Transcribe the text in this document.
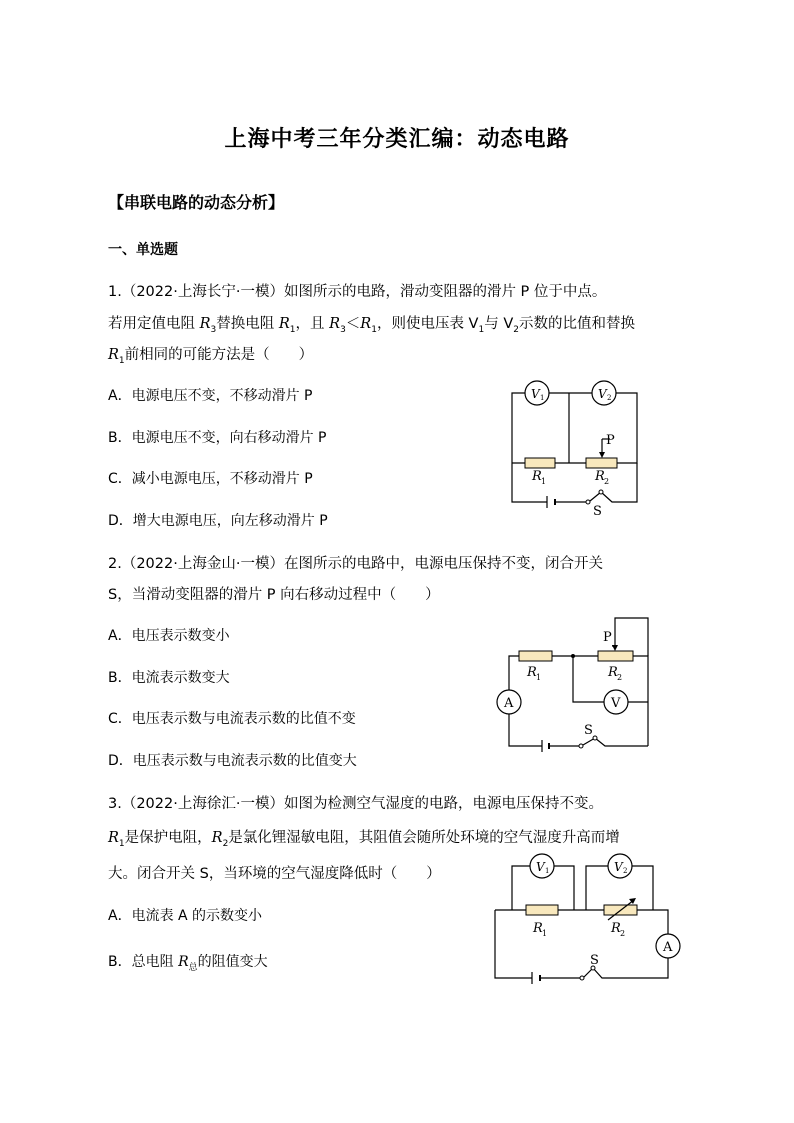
上海中考三年分类汇编：动态电路
【串联电路的动态分析】
一、单选题
1.（2022·上海长宁·一模）如图所示的电路，滑动变阻器的滑片 P 位于中点。
若用定值电阻 $R_3$替换电阻 $R_1$，且 $R_3<R_1$，则使电压表 $V_1$与 $V_2$示数的比值和替换
$R_1$前相同的可能方法是（　　）
A．电源电压不变，不移动滑片 P
B．电源电压不变，向右移动滑片 P
C．减小电源电压，不移动滑片 P
D．增大电源电压，向左移动滑片 P
V 1	V 2
P
R 1	R 2
S
2.（2022·上海金山·一模）在图所示的电路中，电源电压保持不变，闭合开关
S，当滑动变阻器的滑片 P 向右移动过程中（　　）
A．电压表示数变小
B．电流表示数变大
C．电压表示数与电流表示数的比值不变
D．电压表示数与电流表示数的比值变大
P
R 1	R 2
A	V
S
3.（2022·上海徐汇·一模）如图为检测空气湿度的电路，电源电压保持不变。
$R_1$是保护电阻，$R_2$是氯化锂湿敏电阻，其阻值会随所处环境的空气湿度升高而增
大。闭合开关 S，当环境的空气湿度降低时（　　）
A．电流表 A 的示数变小
B．总电阻 $R_总$的阻值变大
V 1	V 2
R 1	R 2
A
S
